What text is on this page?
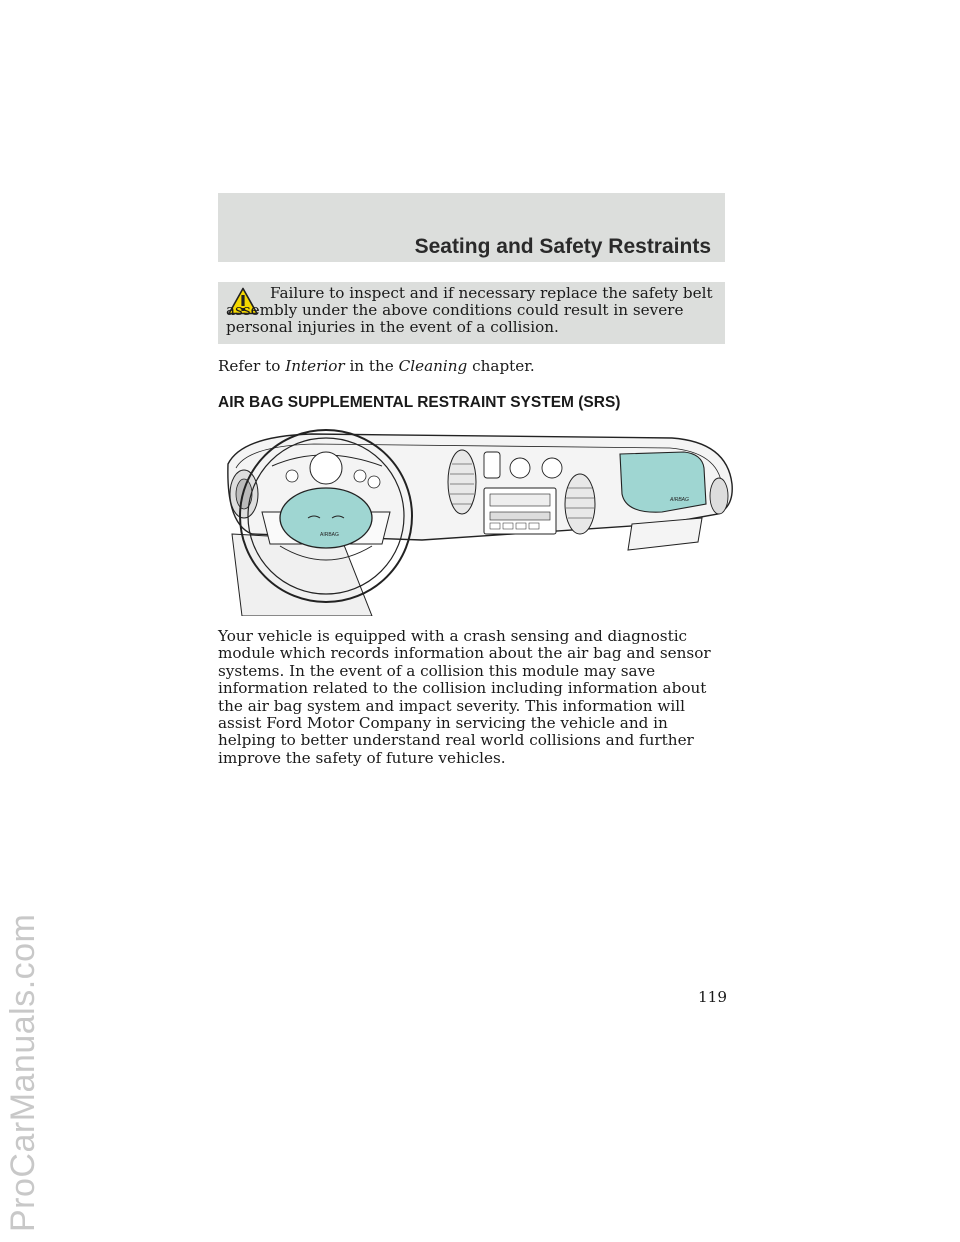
ProCarManuals.com
Seating and Safety Restraints
Failure to inspect and if necessary replace the safety belt assembly under the above conditions could result in severe personal injuries in the event of a collision.
Refer to Interior in the Cleaning chapter.
AIR BAG SUPPLEMENTAL RESTRAINT SYSTEM (SRS)
AIRBAG
AIRBAG
Your vehicle is equipped with a crash sensing and diagnostic module which records information about the air bag and sensor systems. In the event of a collision this module may save information related to the collision including information about the air bag system and impact severity. This information will assist Ford Motor Company in servicing the vehicle and in helping to better understand real world collisions and further improve the safety of future vehicles.
119
